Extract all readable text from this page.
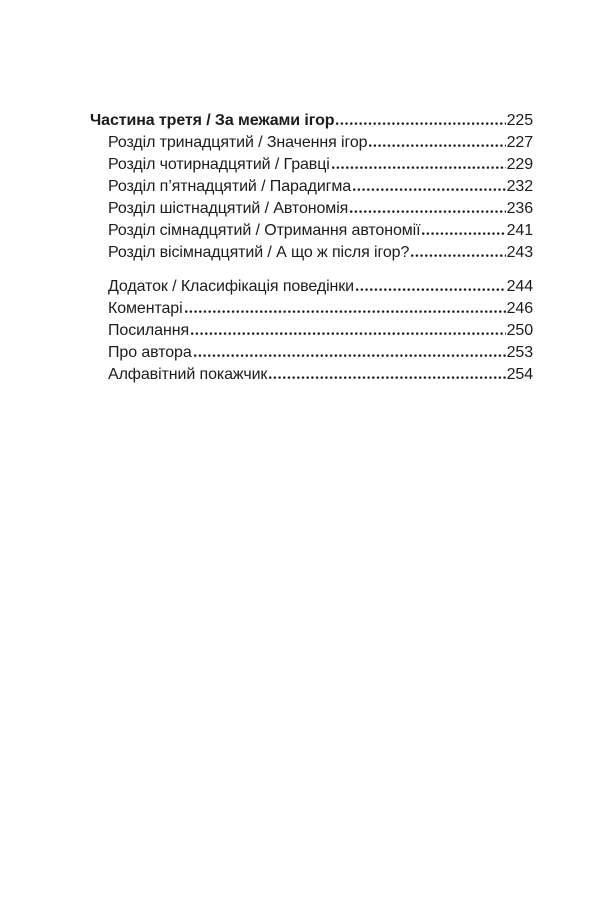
Частина третя / За межами ігор	225
Розділ тринадцятий / Значення ігор	227
Розділ чотирнадцятий / Гравці	229
Розділ п’ятнадцятий / Парадигма	232
Розділ шістнадцятий / Автономія	236
Розділ сімнадцятий / Отримання автономії	241
Розділ вісімнадцятий / А що ж після ігор?	243
Додаток / Класифікація поведінки	244
Коментарі	246
Посилання	250
Про автора	253
Алфавітний покажчик	254
